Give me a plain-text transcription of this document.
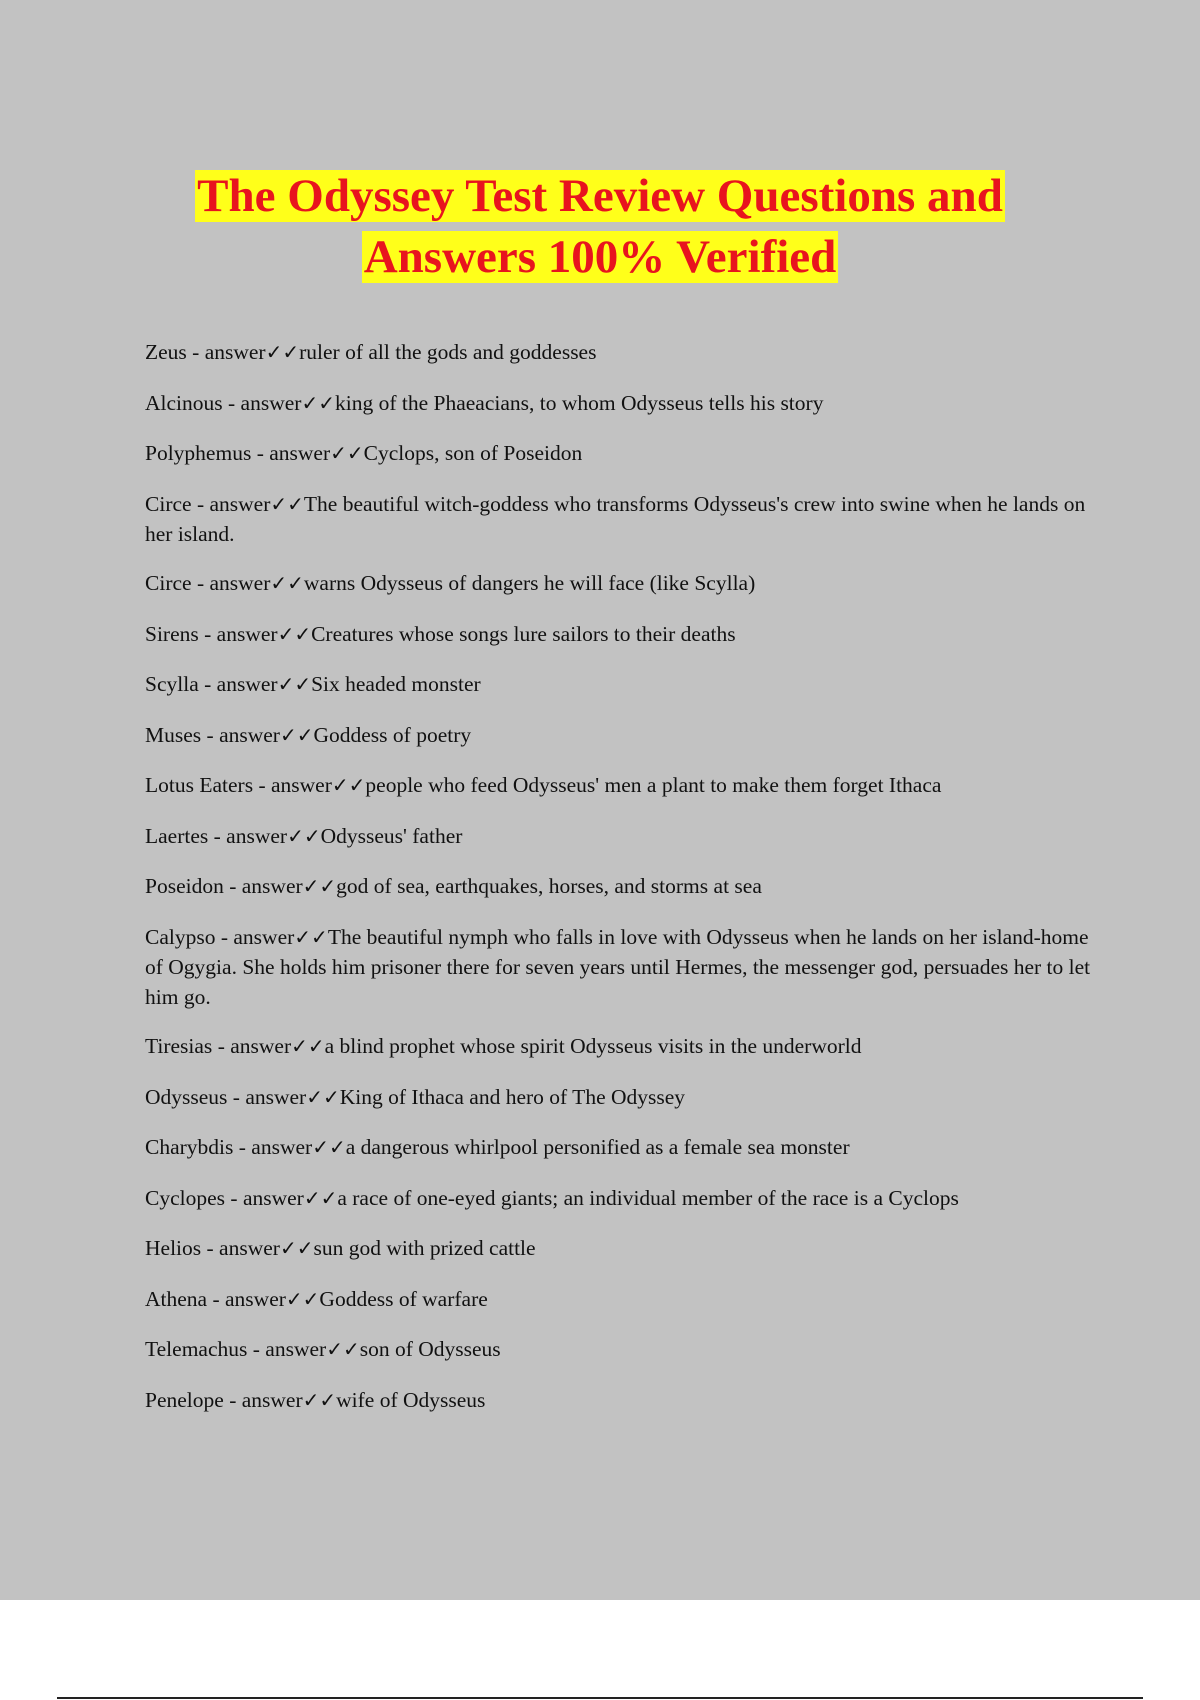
The Odyssey Test Review Questions and
Answers 100% Verified
Zeus - answer✓✓ruler of all the gods and goddesses
Alcinous - answer✓✓king of the Phaeacians, to whom Odysseus tells his story
Polyphemus - answer✓✓Cyclops, son of Poseidon
Circe - answer✓✓The beautiful witch-goddess who transforms Odysseus's crew into swine when he lands on her island.
Circe - answer✓✓warns Odysseus of dangers he will face (like Scylla)
Sirens - answer✓✓Creatures whose songs lure sailors to their deaths
Scylla - answer✓✓Six headed monster
Muses - answer✓✓Goddess of poetry
Lotus Eaters - answer✓✓people who feed Odysseus' men a plant to make them forget Ithaca
Laertes - answer✓✓Odysseus' father
Poseidon - answer✓✓god of sea, earthquakes, horses, and storms at sea
Calypso - answer✓✓The beautiful nymph who falls in love with Odysseus when he lands on her island-home of Ogygia. She holds him prisoner there for seven years until Hermes, the messenger god, persuades her to let him go.
Tiresias - answer✓✓a blind prophet whose spirit Odysseus visits in the underworld
Odysseus - answer✓✓King of Ithaca and hero of The Odyssey
Charybdis - answer✓✓a dangerous whirlpool personified as a female sea monster
Cyclopes - answer✓✓a race of one-eyed giants; an individual member of the race is a Cyclops
Helios - answer✓✓sun god with prized cattle
Athena - answer✓✓Goddess of warfare
Telemachus - answer✓✓son of Odysseus
Penelope - answer✓✓wife of Odysseus
